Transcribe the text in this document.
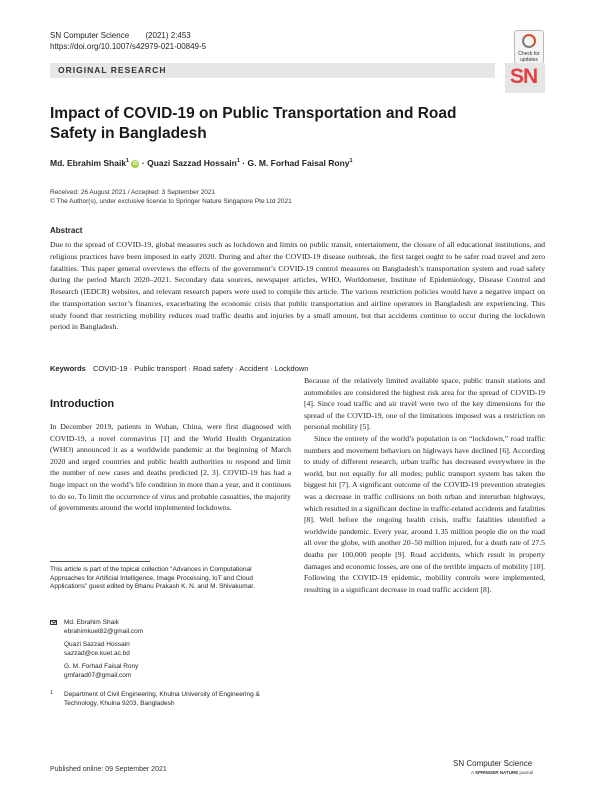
SN Computer Science (2021) 2:453
https://doi.org/10.1007/s42979-021-00849-5
Check for updates
ORIGINAL RESEARCH	SN
Impact of COVID-19 on Public Transportation and Road Safety in Bangladesh
Md. Ebrahim Shaik$^1$ iD · Quazi Sazzad Hossain$^1$ · G. M. Forhad Faisal Rony$^1$
Received: 26 August 2021 / Accepted: 3 September 2021
© The Author(s), under exclusive licence to Springer Nature Singapore Pte Ltd 2021
Abstract
Due to the spread of COVID-19, global measures such as lockdown and limits on public transit, entertainment, the closure of all educational institutions, and religious practices have been imposed in early 2020. During and after the COVID-19 disease outbreak, the first target ought to be safer road travel and zero fatalities. This paper general overviews the effects of the government’s COVID-19 control measures on Bangladesh’s transportation system and road safety during the period March 2020–2021. Secondary data sources, newspaper articles, WHO, Worldometer, Institute of Epidemiology, Disease Control and Research (IEDCR) websites, and relevant research papers were used to compile this article. The various restriction policies would have a negative impact on the transportation sector’s finances, exacerbating the economic crisis that public transportation and airline operators in Bangladesh are experiencing. This study found that restricting mobility reduces road traffic deaths and injuries by a small amount, but that accidents continue to occur during the lockdown period in Bangladesh.
Keywords COVID-19 · Public transport · Road safety · Accident · Lockdown
Introduction

In December 2019, patients in Wuhan, China, were first diagnosed with COVID-19, a novel coronavirus [1] and the World Health Organization (WHO) announced it as a worldwide pandemic at the beginning of March 2020 and urged countries and public health authorities to respond and limit the number of new cases and deaths predicted [2, 3]. COVID-19 has had a huge impact on the world’s life condition in more than a year, and it continues to do so. To limit the occurrence of virus and probable casualties, the majority of governments around the world implemented lockdowns.

Because of the relatively limited available space, public transit stations and automobiles are considered the highest risk area for the spread of COVID-19 [4]. Since road traffic and air travel were two of the key dimensions for the spread of the COVID-19, one of the limitations imposed was a restriction on personal mobility [5].

Since the entirety of the world’s population is on “lockdown,” road traffic numbers and movement behaviors on highways have declined [6]. According to study of different research, urban traffic has decreased everywhere in the world, but not equally for all modes; public transport system has taken the biggest hit [7]. A significant outcome of the COVID-19 prevention strategies was a decrease in traffic collisions on both urban and interurban highways, which resulted in a significant decline in traffic-related accidents and fatalities [8]. Well before the ongoing health crisis, traffic fatalities identified a worldwide pandemic. Every year, around 1.35 million people die on the road all over the globe, with another 20–50 million injured, for a death rate of 27.5 deaths per 100,000 people [9]. Road accidents, which result in property damages and economic losses, are one of the terrible impacts of mobility [10]. Following the COVID-19 epidemic, mobility controls were implemented, resulting in a significant decrease in road traffic accident [8].

This article is part of the topical collection “Advances in Computational Approaches for Artificial Intelligence, Image Processing, IoT and Cloud Applications” guest edited by Bhanu Prakash K. N. and M. Shivakumar.
Md. Ebrahim Shaik
ebrahimkuet82@gmail.com
Quazi Sazzad Hossain
sazzad@ce.kuet.ac.bd
G. M. Forhad Faisal Rony
gmfarad07@gmail.com
1 Department of Civil Engineering, Khulna University of Engineering & Technology, Khulna 9203, Bangladesh
Published online: 09 September 2021
SN Computer Science
A SPRINGER NATURE journal
